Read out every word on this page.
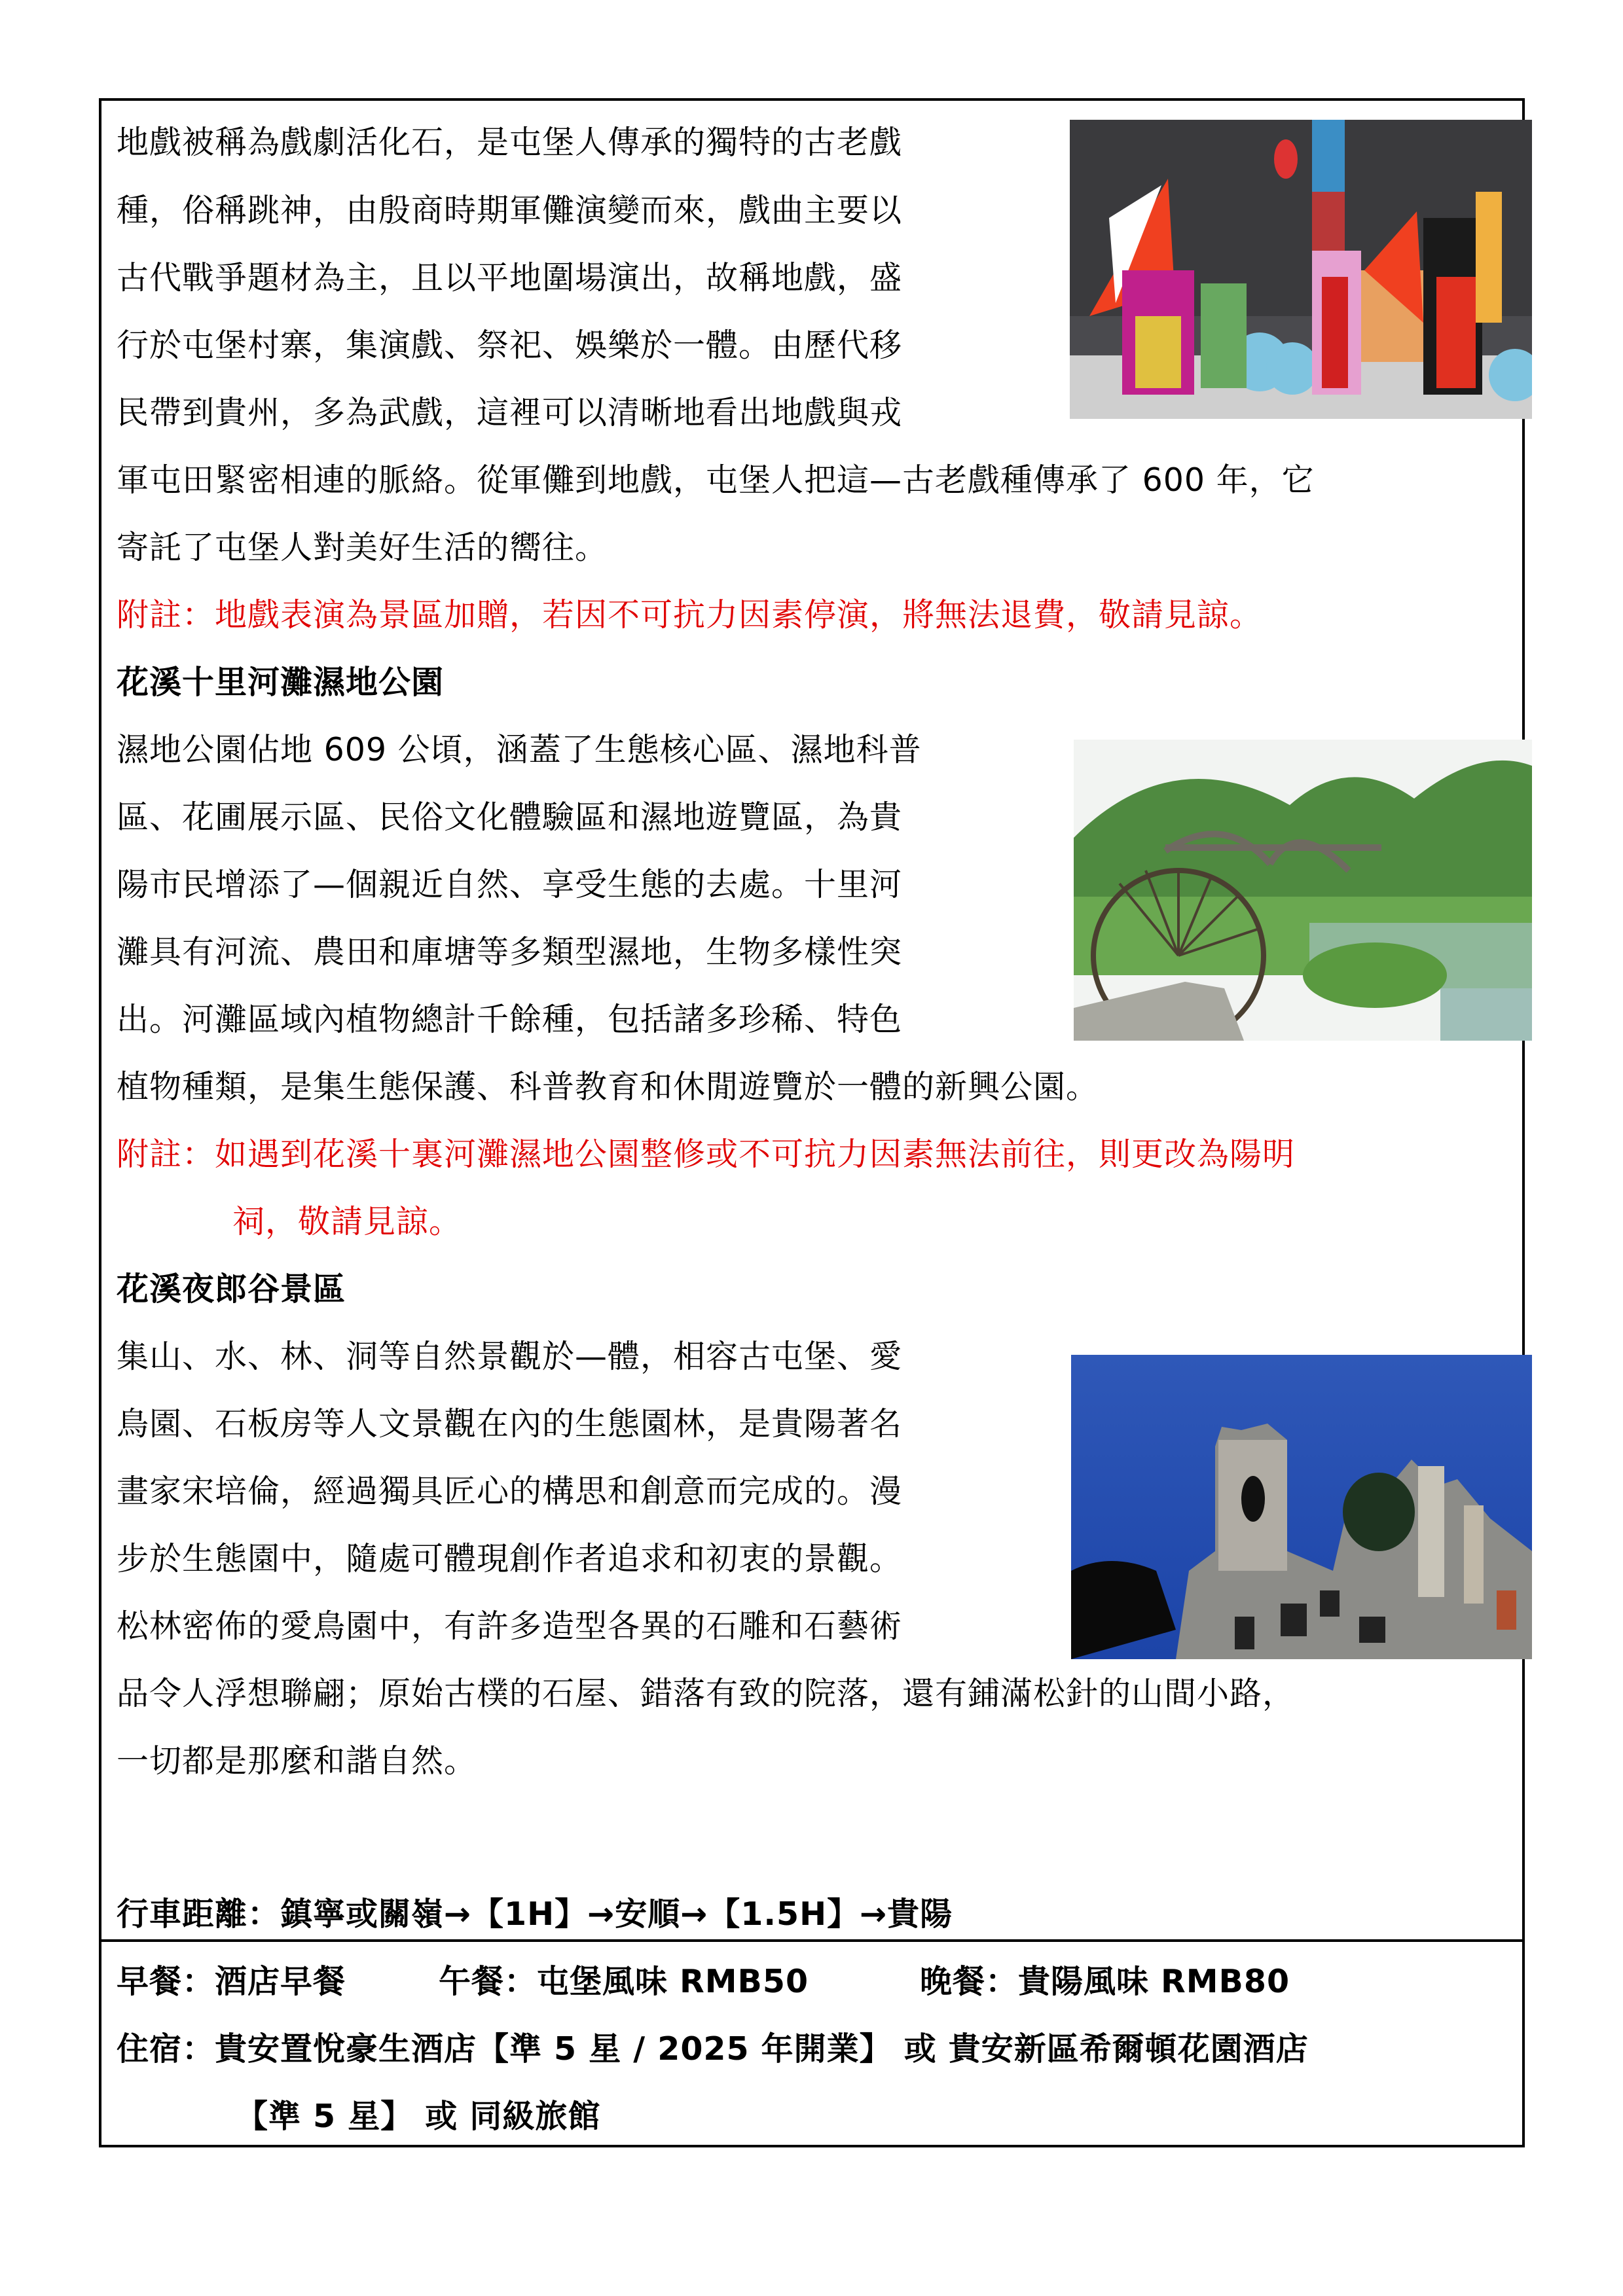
地戲被稱為戲劇活化石，是屯堡人傳承的獨特的古老戲
種，俗稱跳神，由殷商時期軍儺演變而來，戲曲主要以
古代戰爭題材為主，且以平地圍場演出，故稱地戲，盛
行於屯堡村寨，集演戲、祭祀、娛樂於一體。由歷代移
民帶到貴州，多為武戲，這裡可以清晰地看出地戲與戎
軍屯田緊密相連的脈絡。從軍儺到地戲，屯堡人把這—古老戲種傳承了 600 年，它
寄託了屯堡人對美好生活的嚮往。
附註：地戲表演為景區加贈，若因不可抗力因素停演，將無法退費，敬請見諒。
花溪十里河灘濕地公園
濕地公園佔地 609 公頃，涵蓋了生態核心區、濕地科普
區、花圃展示區、民俗文化體驗區和濕地遊覽區，為貴
陽市民增添了—個親近自然、享受生態的去處。十里河
灘具有河流、農田和庫塘等多類型濕地，生物多樣性突
出。河灘區域內植物總計千餘種，包括諸多珍稀、特色
植物種類，是集生態保護、科普教育和休閒遊覽於一體的新興公園。
附註：如遇到花溪十裏河灘濕地公園整修或不可抗力因素無法前往，則更改為陽明
祠，敬請見諒。
花溪夜郎谷景區
集山、水、林、洞等自然景觀於—體，相容古屯堡、愛
鳥園、石板房等人文景觀在內的生態園林，是貴陽著名
畫家宋培倫，經過獨具匠心的構思和創意而完成的。漫
步於生態園中，隨處可體現創作者追求和初衷的景觀。
松林密佈的愛鳥園中，有許多造型各異的石雕和石藝術
品令人浮想聯翩；原始古樸的石屋、錯落有致的院落，還有鋪滿松針的山間小路，
一切都是那麼和諧自然。
行車距離：鎮寧或關嶺→【1H】→安順→【1.5H】→貴陽
早餐：酒店早餐	午餐：屯堡風味 RMB50	晚餐：貴陽風味 RMB80
住宿：貴安置悅豪生酒店【準 5 星 / 2025 年開業】 或 貴安新區希爾頓花園酒店
【準 5 星】 或 同級旅館
